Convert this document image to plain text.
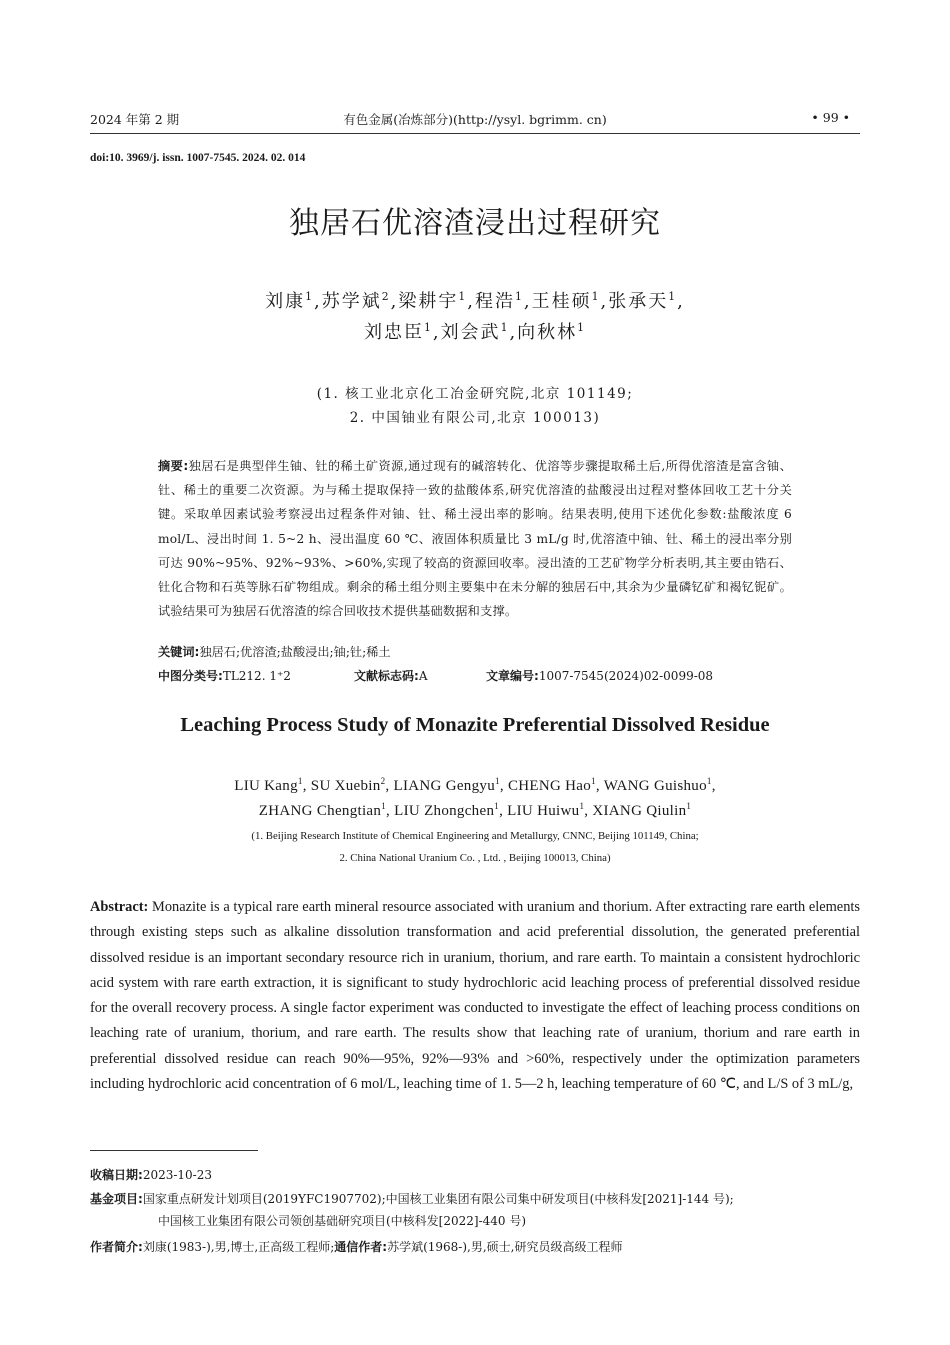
2024 年第 2 期	有色金属(冶炼部分)(http://ysyl. bgrimm. cn)	• 99 •
doi:10. 3969/j. issn. 1007-7545. 2024. 02. 014
独居石优溶渣浸出过程研究
刘康$^1$,苏学斌$^2$,梁耕宇$^1$,程浩$^1$,王桂硕$^1$,张承天$^1$,
刘忠臣$^1$,刘会武$^1$,向秋林$^1$
(1. 核工业北京化工冶金研究院,北京 101149;
2. 中国铀业有限公司,北京 100013)
摘要:独居石是典型伴生铀、钍的稀土矿资源,通过现有的碱溶转化、优溶等步骤提取稀土后,所得优溶渣是富含铀、钍、稀土的重要二次资源。为与稀土提取保持一致的盐酸体系,研究优溶渣的盐酸浸出过程对整体回收工艺十分关键。采取单因素试验考察浸出过程条件对铀、钍、稀土浸出率的影响。结果表明,使用下述优化参数:盐酸浓度 6 mol/L、浸出时间 1. 5~2 h、浸出温度 60 ℃、液固体积质量比 3 mL/g 时,优溶渣中铀、钍、稀土的浸出率分别可达 90%~95%、92%~93%、>60%,实现了较高的资源回收率。浸出渣的工艺矿物学分析表明,其主要由锆石、钍化合物和石英等脉石矿物组成。剩余的稀土组分则主要集中在未分解的独居石中,其余为少量磷钇矿和褐钇铌矿。试验结果可为独居石优溶渣的综合回收技术提供基础数据和支撑。
关键词:独居石;优溶渣;盐酸浸出;铀;钍;稀土
中图分类号:TL212. 1⁺2	文献标志码:A	文章编号:1007-7545(2024)02-0099-08
Leaching Process Study of Monazite Preferential Dissolved Residue
LIU Kang$^1$, SU Xuebin$^2$, LIANG Gengyu$^1$, CHENG Hao$^1$, WANG Guishuo$^1$,
ZHANG Chengtian$^1$, LIU Zhongchen$^1$, LIU Huiwu$^1$, XIANG Qiulin$^1$
(1. Beijing Research Institute of Chemical Engineering and Metallurgy, CNNC, Beijing 101149, China;
2. China National Uranium Co. , Ltd. , Beijing 100013, China)
Abstract: Monazite is a typical rare earth mineral resource associated with uranium and thorium. After extracting rare earth elements through existing steps such as alkaline dissolution transformation and acid preferential dissolution, the generated preferential dissolved residue is an important secondary resource rich in uranium, thorium, and rare earth. To maintain a consistent hydrochloric acid system with rare earth extraction, it is significant to study hydrochloric acid leaching process of preferential dissolved residue for the overall recovery process. A single factor experiment was conducted to investigate the effect of leaching process conditions on leaching rate of uranium, thorium, and rare earth. The results show that leaching rate of uranium, thorium and rare earth in preferential dissolved residue can reach 90%—95%, 92%—93% and >60%, respectively under the optimization parameters including hydrochloric acid concentration of 6 mol/L, leaching time of 1. 5—2 h, leaching temperature of 60 ℃, and L/S of 3 mL/g,
收稿日期:2023-10-23
基金项目:国家重点研发计划项目(2019YFC1907702);中国核工业集团有限公司集中研发项目(中核科发[2021]-144 号);
中国核工业集团有限公司领创基础研究项目(中核科发[2022]-440 号)
作者简介:刘康(1983-),男,博士,正高级工程师;通信作者:苏学斌(1968-),男,硕士,研究员级高级工程师
